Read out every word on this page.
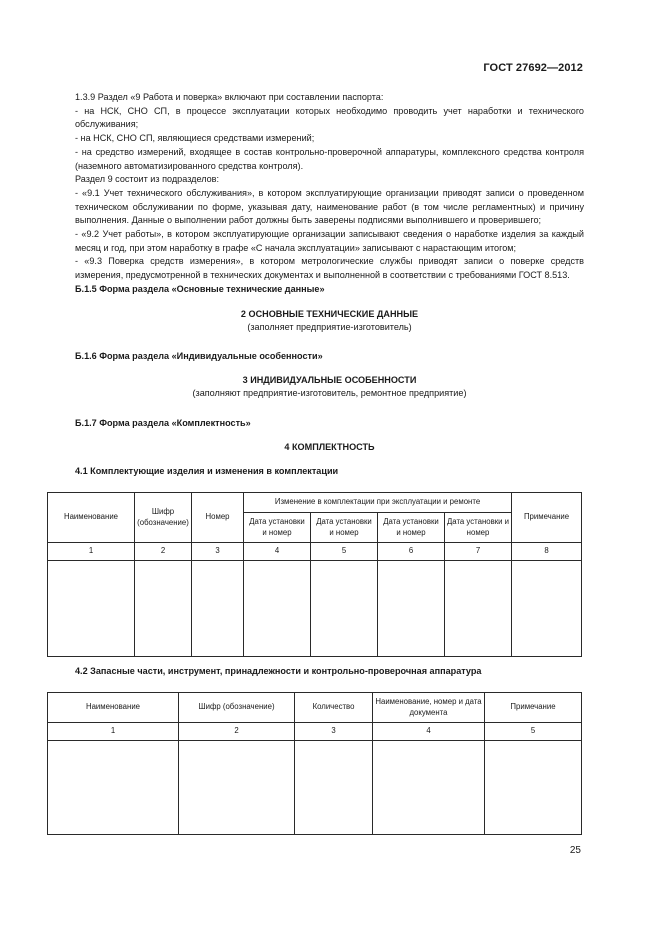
ГОСТ 27692—2012

1.3.9 Раздел «9 Работа и поверка» включают при составлении паспорта:

- на НСК, СНО СП, в процессе эксплуатации которых необходимо проводить учет наработки и технического обслуживания;

- на НСК, СНО СП, являющиеся средствами измерений;

- на средство измерений, входящее в состав контрольно-проверочной аппаратуры, комплексного средства контроля (наземного автоматизированного средства контроля).

Раздел 9 состоит из подразделов:

- «9.1 Учет технического обслуживания», в котором эксплуатирующие организации приводят записи о проведенном техническом обслуживании по форме, указывая дату, наименование работ (в том числе регламентных) и причину выполнения. Данные о выполнении работ должны быть заверены подписями выполнившего и проверившего;

- «9.2 Учет работы», в котором эксплуатирующие организации записывают сведения о наработке изделия за каждый месяц и год, при этом наработку в графе «С начала эксплуатации» записывают с нарастающим итогом;

- «9.3 Поверка средств измерения», в котором метрологические службы приводят записи о поверке средств измерения, предусмотренной в технических документах и выполненной в соответствии с требованиями ГОСТ 8.513.

Б.1.5 Форма раздела «Основные технические данные»
2 ОСНОВНЫЕ ТЕХНИЧЕСКИЕ ДАННЫЕ
(заполняет предприятие-изготовитель)
Б.1.6 Форма раздела «Индивидуальные особенности»
3 ИНДИВИДУАЛЬНЫЕ ОСОБЕННОСТИ
(заполняют предприятие-изготовитель, ремонтное предприятие)
Б.1.7 Форма раздела «Комплектность»
4 КОМПЛЕКТНОСТЬ
4.1 Комплектующие изделия и изменения в комплектации
Наименование	Шифр (обозначение)	Номер	Изменение в комплектации при эксплуатации и ремонте				Примечание
			Дата установки и номер	Дата установки и номер	Дата установки и номер	Дата установки и номер	
1	2	3	4	5	6	7	8

4.2 Запасные части, инструмент, принадлежности и контрольно-проверочная аппаратура
Наименование	Шифр (обозначение)	Количество	Наименование, номер и дата документа	Примечание
1	2	3	4	5

25
